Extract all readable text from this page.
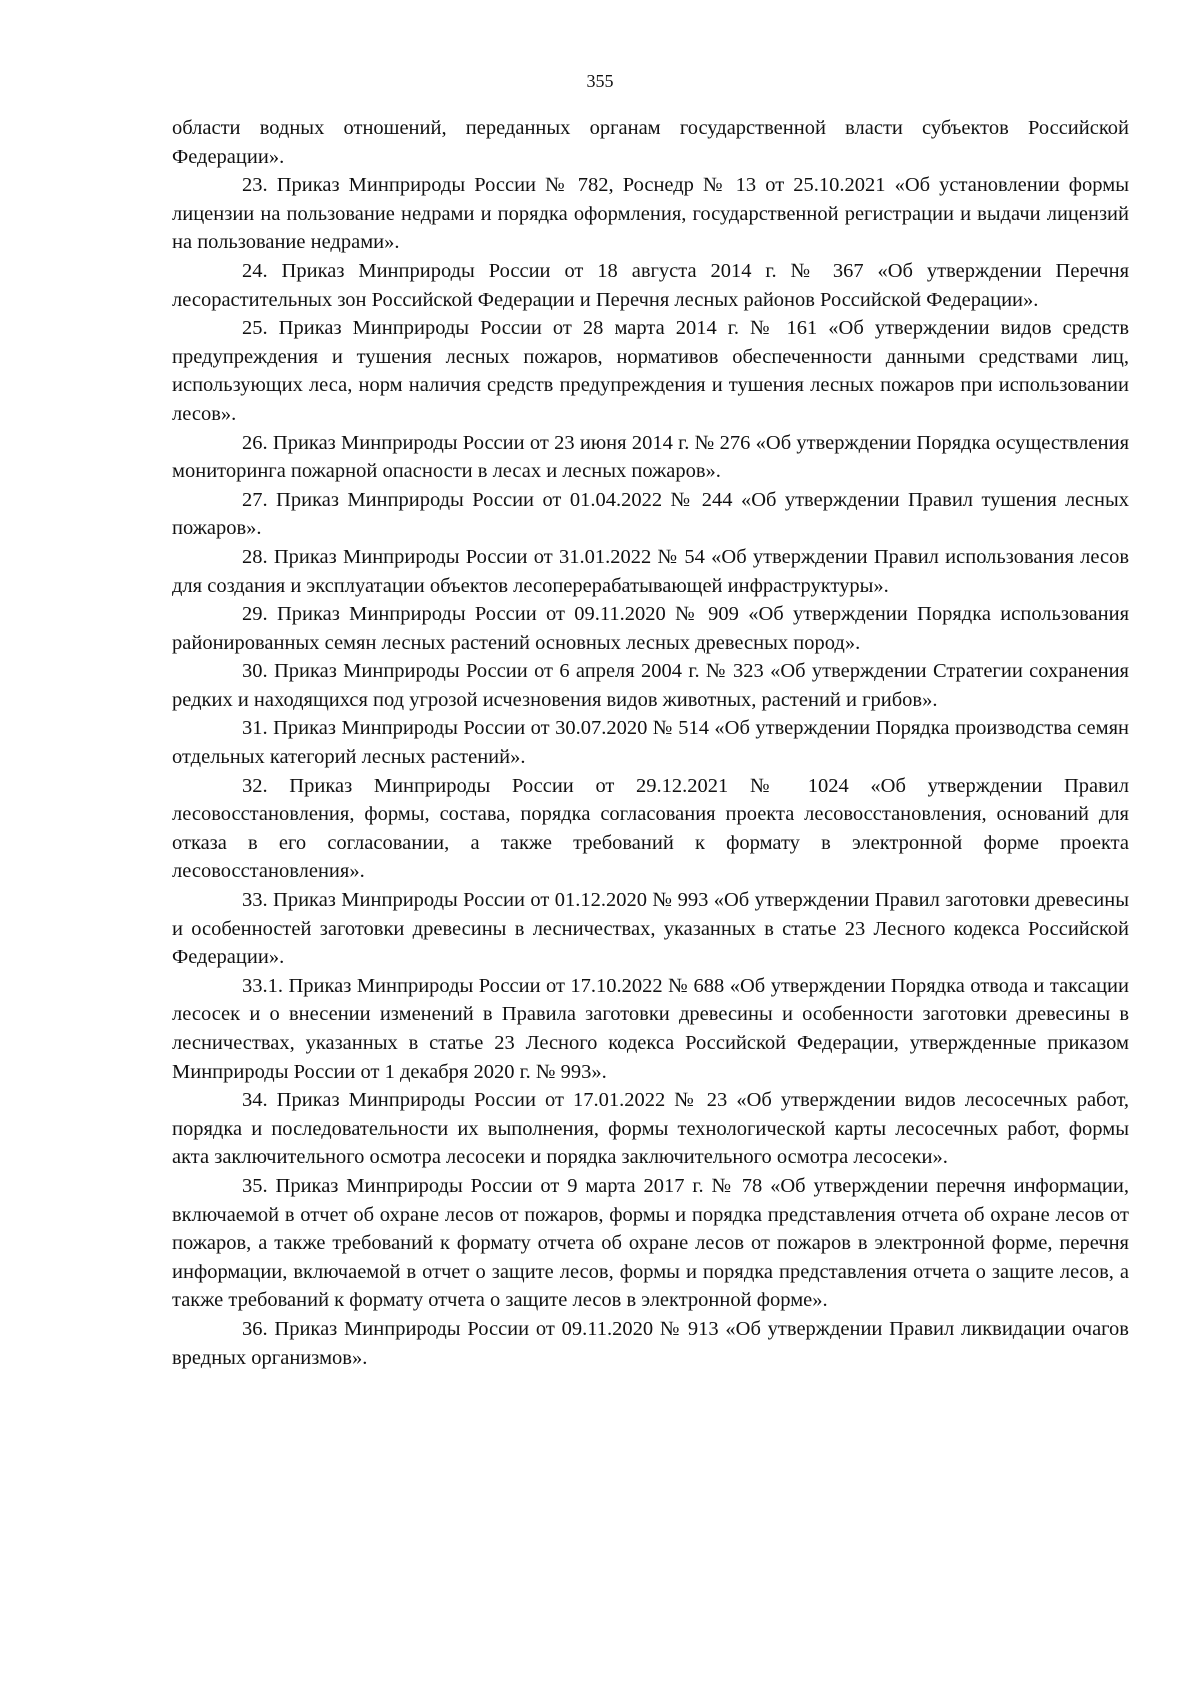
355

области водных отношений, переданных органам государственной власти субъектов Российской Федерации».

23. Приказ Минприроды России № 782, Роснедр № 13 от 25.10.2021 «Об установлении формы лицензии на пользование недрами и порядка оформления, государственной регистрации и выдачи лицензий на пользование недрами».

24. Приказ Минприроды России от 18 августа 2014 г. № 367 «Об утверждении Перечня лесорастительных зон Российской Федерации и Перечня лесных районов Российской Федерации».

25. Приказ Минприроды России от 28 марта 2014 г. № 161 «Об утверждении видов средств предупреждения и тушения лесных пожаров, нормативов обеспеченности данными средствами лиц, использующих леса, норм наличия средств предупреждения и тушения лесных пожаров при использовании лесов».

26. Приказ Минприроды России от 23 июня 2014 г. № 276 «Об утверждении Порядка осуществления мониторинга пожарной опасности в лесах и лесных пожаров».

27. Приказ Минприроды России от 01.04.2022 № 244 «Об утверждении Правил тушения лесных пожаров».

28. Приказ Минприроды России от 31.01.2022 № 54 «Об утверждении Правил использования лесов для создания и эксплуатации объектов лесоперерабатывающей инфраструктуры».

29. Приказ Минприроды России от 09.11.2020 № 909 «Об утверждении Порядка использования районированных семян лесных растений основных лесных древесных пород».

30. Приказ Минприроды России от 6 апреля 2004 г. № 323 «Об утверждении Стратегии сохранения редких и находящихся под угрозой исчезновения видов животных, растений и грибов».

31. Приказ Минприроды России от 30.07.2020 № 514 «Об утверждении Порядка производства семян отдельных категорий лесных растений».

32. Приказ Минприроды России от 29.12.2021 № 1024 «Об утверждении Правил лесовосстановления, формы, состава, порядка согласования проекта лесовосстановления, оснований для отказа в его согласовании, а также требований к формату в электронной форме проекта лесовосстановления».

33. Приказ Минприроды России от 01.12.2020 № 993 «Об утверждении Правил заготовки древесины и особенностей заготовки древесины в лесничествах, указанных в статье 23 Лесного кодекса Российской Федерации».

33.1. Приказ Минприроды России от 17.10.2022 № 688 «Об утверждении Порядка отвода и таксации лесосек и о внесении изменений в Правила заготовки древесины и особенности заготовки древесины в лесничествах, указанных в статье 23 Лесного кодекса Российской Федерации, утвержденные приказом Минприроды России от 1 декабря 2020 г. № 993».

34. Приказ Минприроды России от 17.01.2022 № 23 «Об утверждении видов лесосечных работ, порядка и последовательности их выполнения, формы технологической карты лесосечных работ, формы акта заключительного осмотра лесосеки и порядка заключительного осмотра лесосеки».

35. Приказ Минприроды России от 9 марта 2017 г. № 78 «Об утверждении перечня информации, включаемой в отчет об охране лесов от пожаров, формы и порядка представления отчета об охране лесов от пожаров, а также требований к формату отчета об охране лесов от пожаров в электронной форме, перечня информации, включаемой в отчет о защите лесов, формы и порядка представления отчета о защите лесов, а также требований к формату отчета о защите лесов в электронной форме».

36. Приказ Минприроды России от 09.11.2020 № 913 «Об утверждении Правил ликвидации очагов вредных организмов».
